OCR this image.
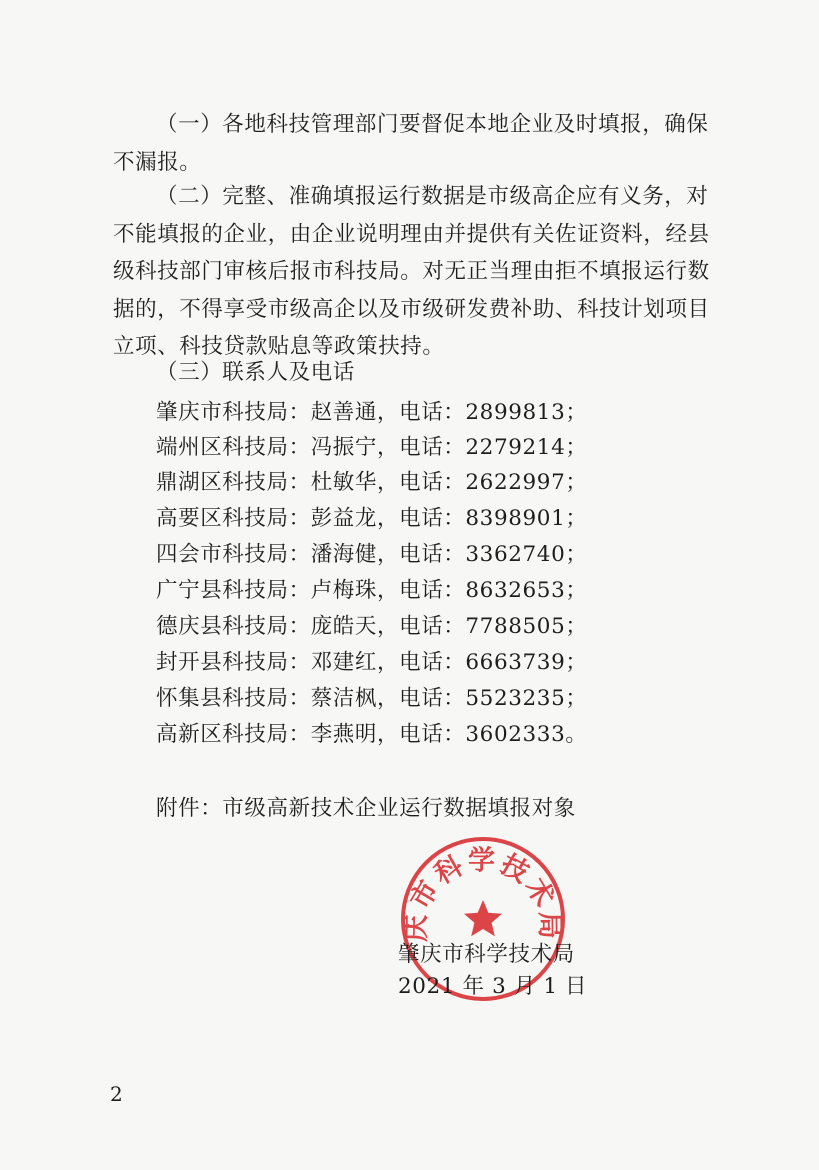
（一）各地科技管理部门要督促本地企业及时填报，确保不漏报。

（二）完整、准确填报运行数据是市级高企应有义务，对不能填报的企业，由企业说明理由并提供有关佐证资料，经县级科技部门审核后报市科技局。对无正当理由拒不填报运行数据的，不得享受市级高企以及市级研发费补助、科技计划项目立项、科技贷款贴息等政策扶持。

（三）联系人及电话
肇庆市科技局：赵善通，电话：2899813；
端州区科技局：冯振宁，电话：2279214；
鼎湖区科技局：杜敏华，电话：2622997；
高要区科技局：彭益龙，电话：8398901；
四会市科技局：潘海健，电话：3362740；
广宁县科技局：卢梅珠，电话：8632653；
德庆县科技局：庞皓天，电话：7788505；
封开县科技局：邓建红，电话：6663739；
怀集县科技局：蔡洁枫，电话：5523235；
高新区科技局：李燕明，电话：3602333。
附件：市级高新技术企业运行数据填报对象
庆市科学技术局
肇庆市科学技术局
2021 年 3 月 1 日
2
